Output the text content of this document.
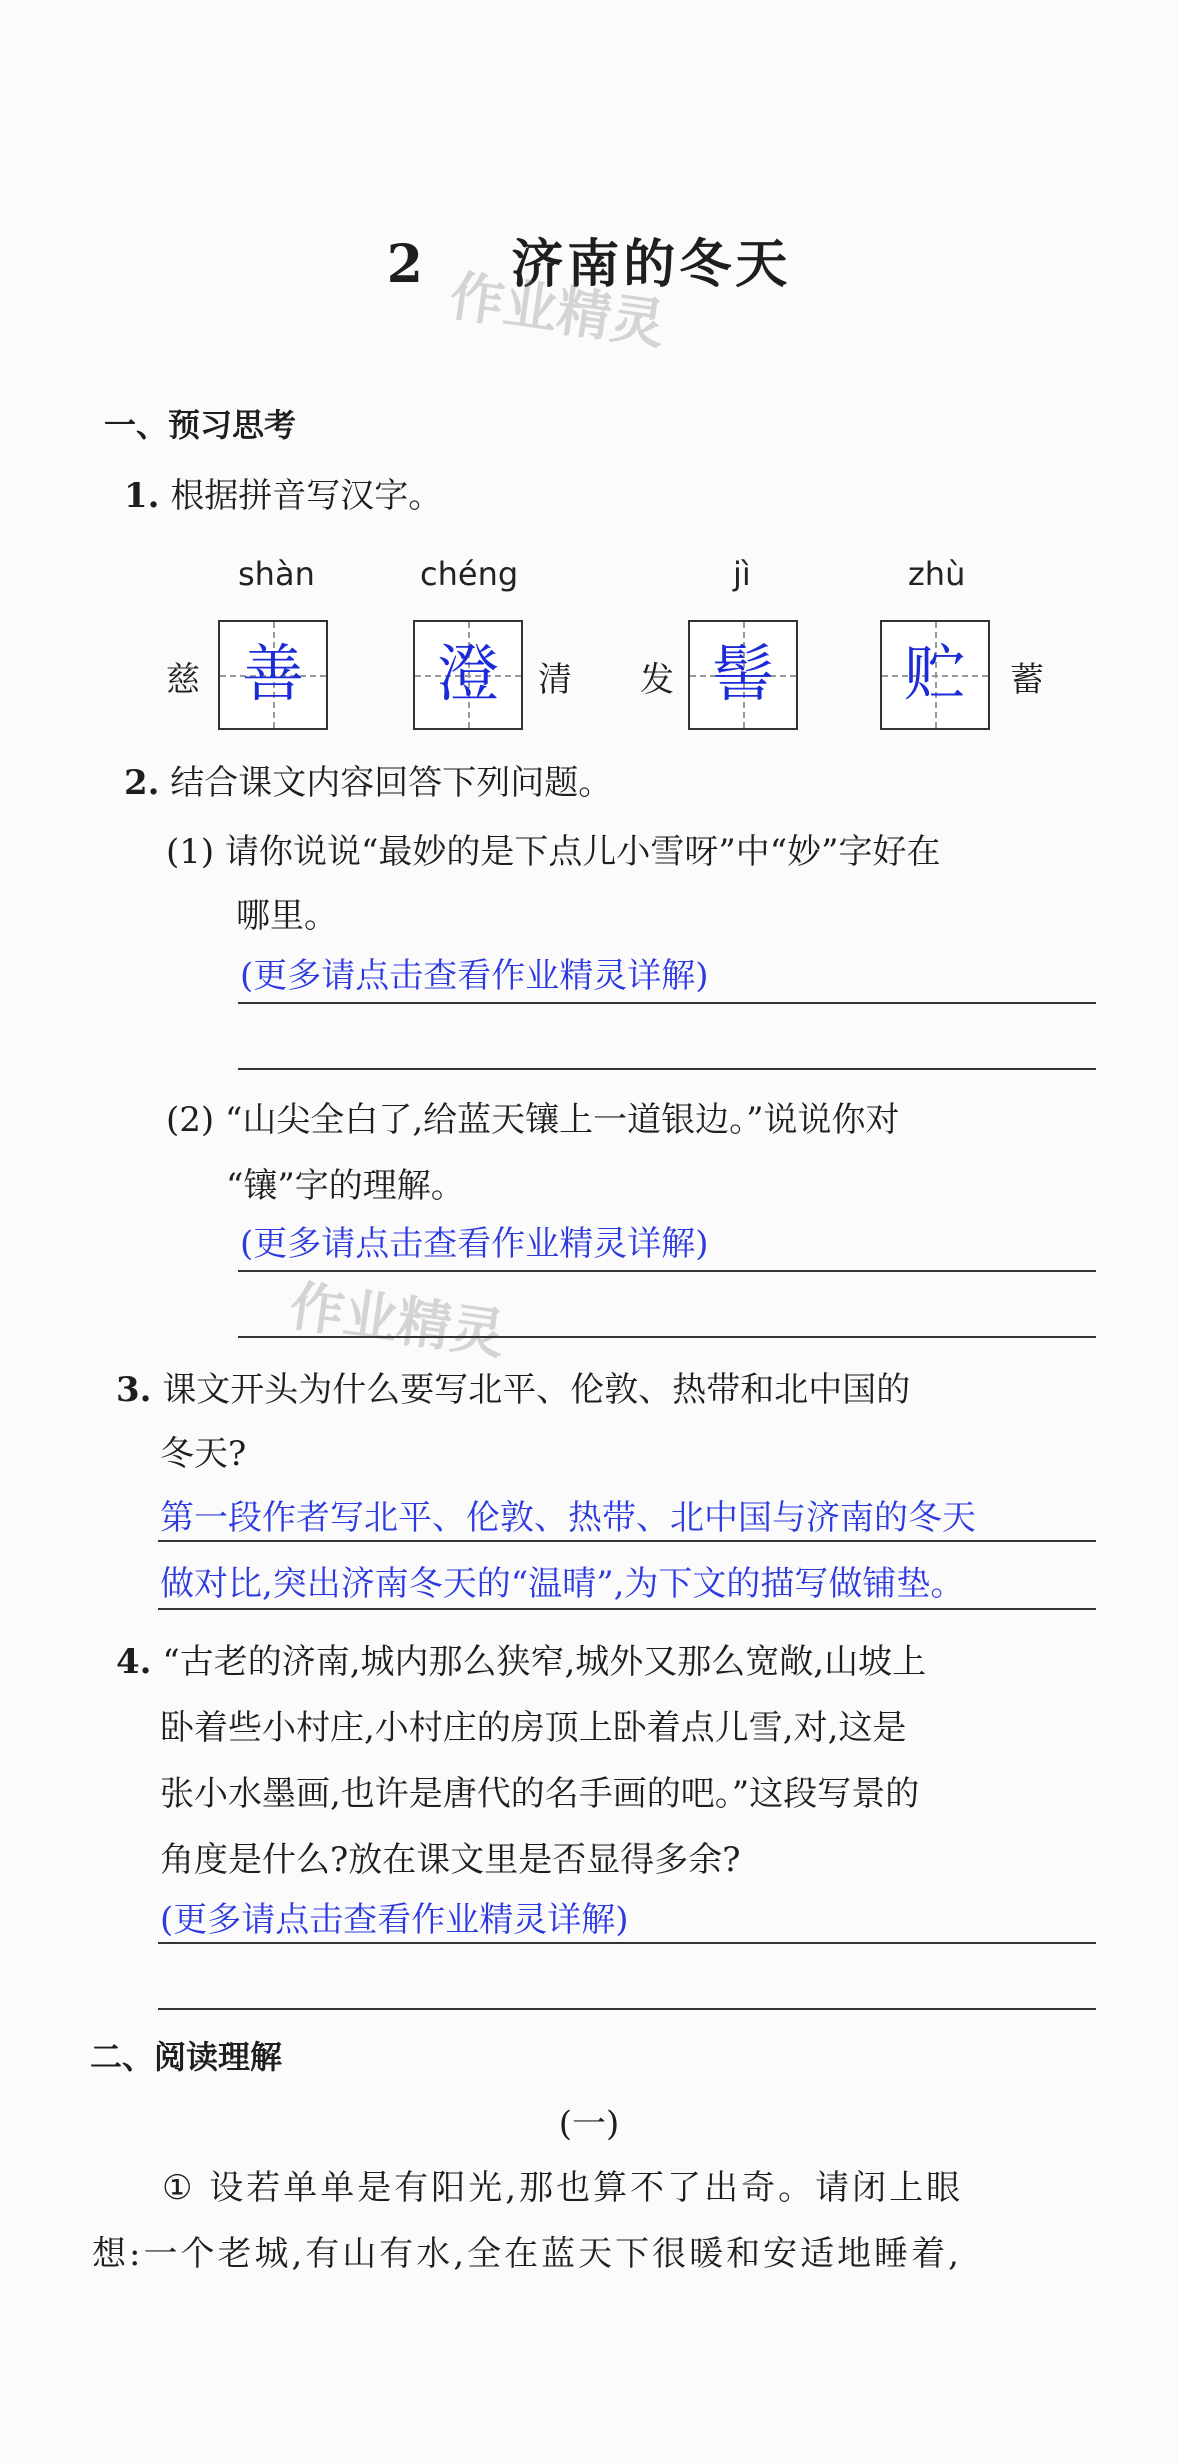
2 济南的冬天
作业精灵
作业精灵
一、预习思考
1. 根据拼音写汉字。
shàn	chéng	jì	zhù
慈 善	澄	清 发 髻	贮	蓄
2. 结合课文内容回答下列问题。
(1) 请你说说“最妙的是下点儿小雪呀”中“妙”字好在
哪里。
(更多请点击查看作业精灵详解)
(2) “山尖全白了,给蓝天镶上一道银边。”说说你对
“镶”字的理解。
(更多请点击查看作业精灵详解)
3. 课文开头为什么要写北平、伦敦、热带和北中国的
冬天?
第一段作者写北平、伦敦、热带、北中国与济南的冬天
做对比,突出济南冬天的“温晴”,为下文的描写做铺垫。
4. “古老的济南,城内那么狭窄,城外又那么宽敞,山坡上
卧着些小村庄,小村庄的房顶上卧着点儿雪,对,这是
张小水墨画,也许是唐代的名手画的吧。”这段写景的
角度是什么?放在课文里是否显得多余?
(更多请点击查看作业精灵详解)
二、阅读理解
(一)
① 设若单单是有阳光,那也算不了出奇。请闭上眼
想:一个老城,有山有水,全在蓝天下很暖和安适地睡着,
